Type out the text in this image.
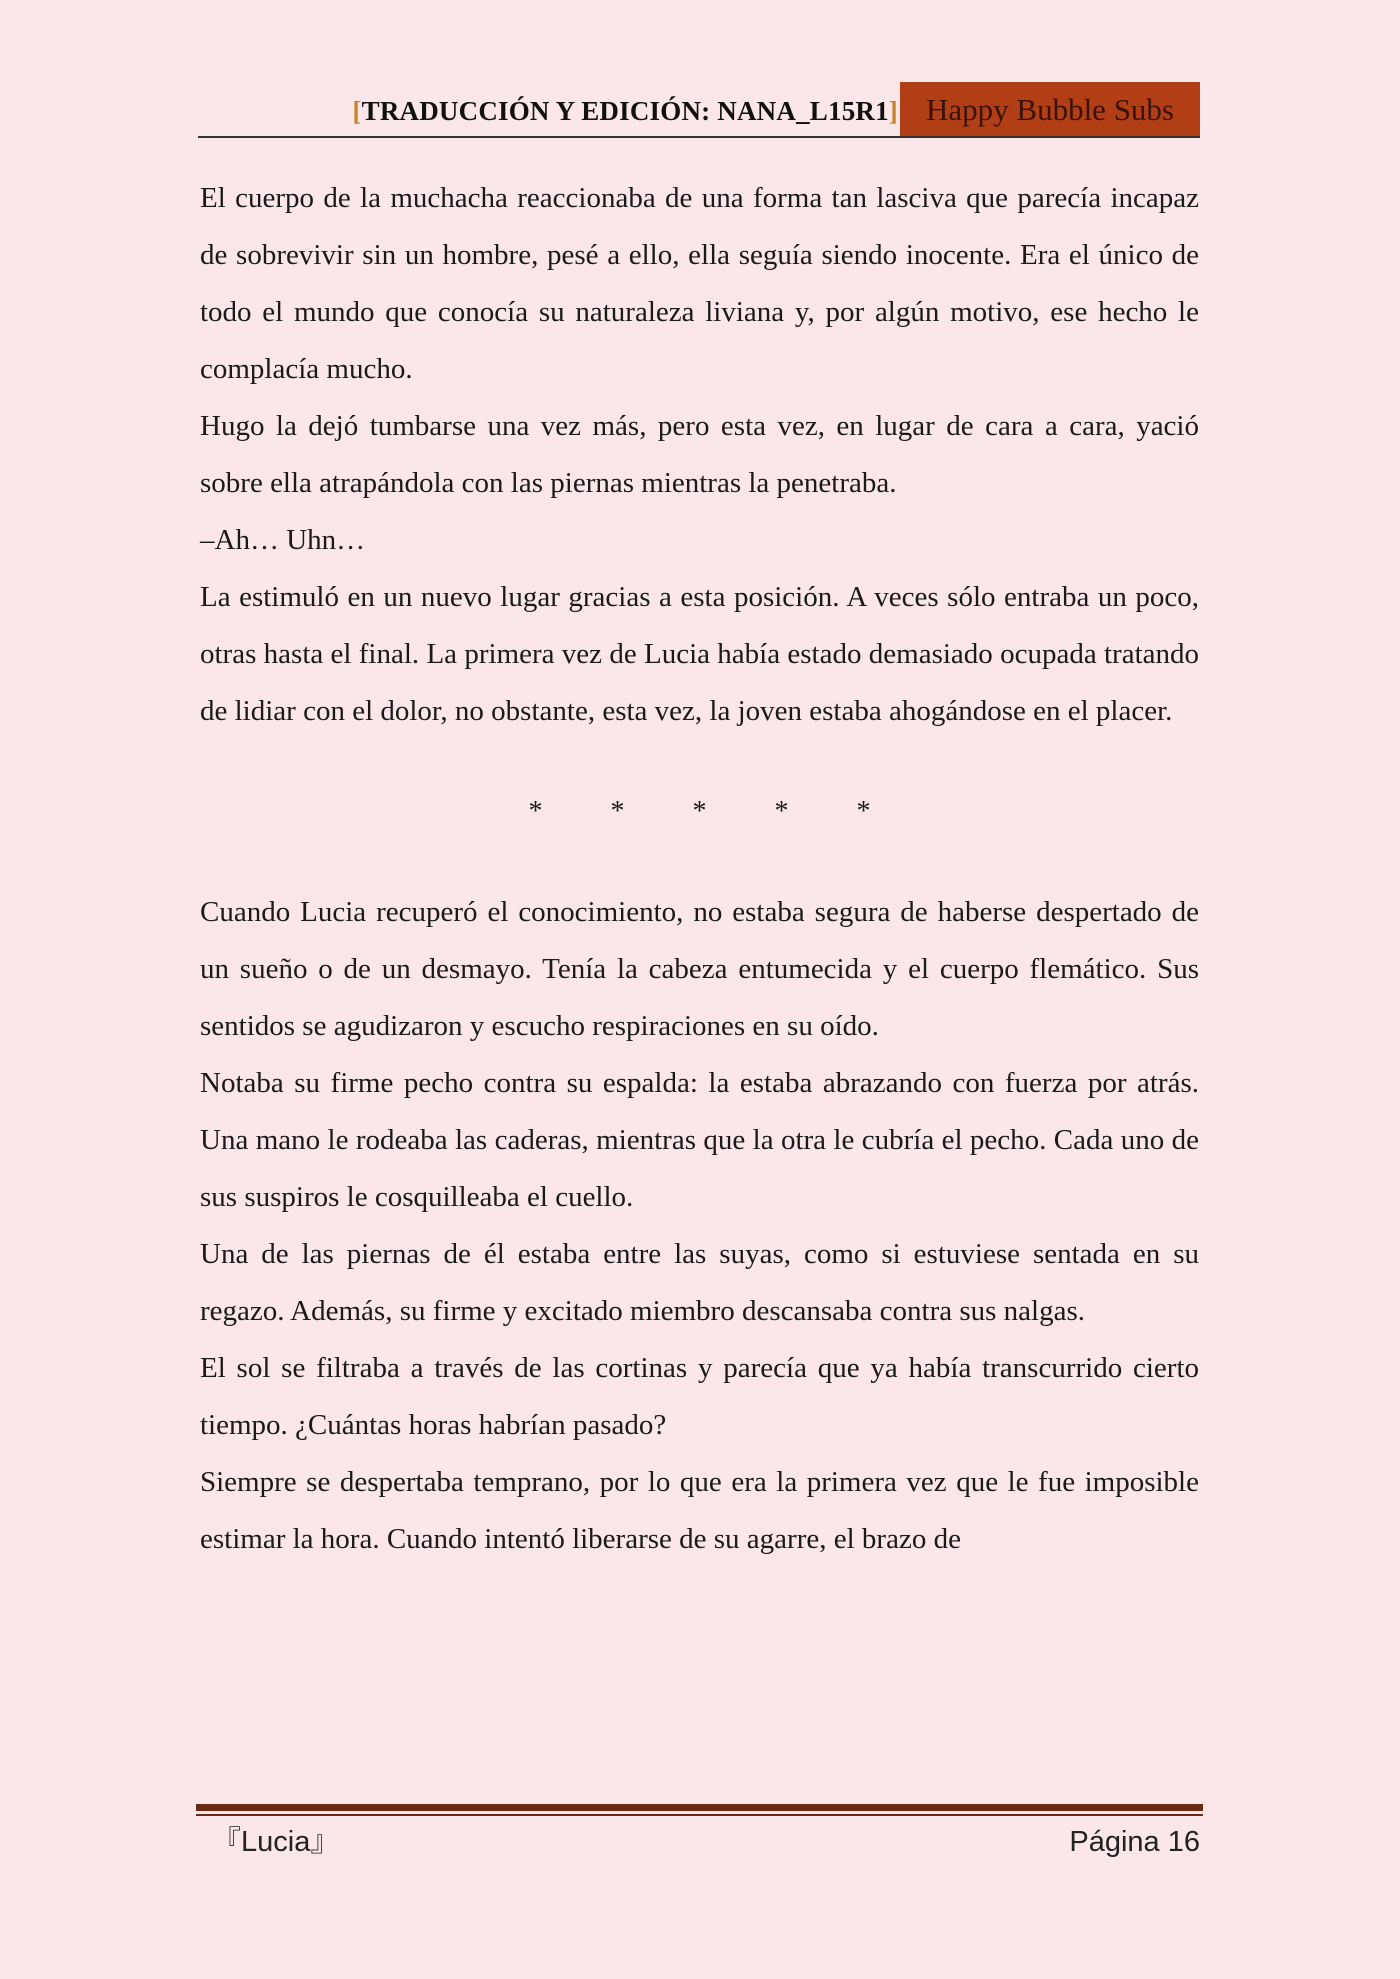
[TRADUCCIÓN Y EDICIÓN: NANA_L15R1] Happy Bubble Subs

El cuerpo de la muchacha reaccionaba de una forma tan lasciva que parecía incapaz de sobrevivir sin un hombre, pesé a ello, ella seguía siendo inocente. Era el único de todo el mundo que conocía su naturaleza liviana y, por algún motivo, ese hecho le complacía mucho.

Hugo la dejó tumbarse una vez más, pero esta vez, en lugar de cara a cara, yació sobre ella atrapándola con las piernas mientras la penetraba.

–Ah… Uhn…

La estimuló en un nuevo lugar gracias a esta posición. A veces sólo entraba un poco, otras hasta el final. La primera vez de Lucia había estado demasiado ocupada tratando de lidiar con el dolor, no obstante, esta vez, la joven estaba ahogándose en el placer.

* * * * *

Cuando Lucia recuperó el conocimiento, no estaba segura de haberse despertado de un sueño o de un desmayo. Tenía la cabeza entumecida y el cuerpo flemático. Sus sentidos se agudizaron y escucho respiraciones en su oído.

Notaba su firme pecho contra su espalda: la estaba abrazando con fuerza por atrás. Una mano le rodeaba las caderas, mientras que la otra le cubría el pecho. Cada uno de sus suspiros le cosquilleaba el cuello.

Una de las piernas de él estaba entre las suyas, como si estuviese sentada en su regazo. Además, su firme y excitado miembro descansaba contra sus nalgas.

El sol se filtraba a través de las cortinas y parecía que ya había transcurrido cierto tiempo. ¿Cuántas horas habrían pasado?

Siempre se despertaba temprano, por lo que era la primera vez que le fue imposible estimar la hora. Cuando intentó liberarse de su agarre, el brazo de

『Lucia』	Página 16
